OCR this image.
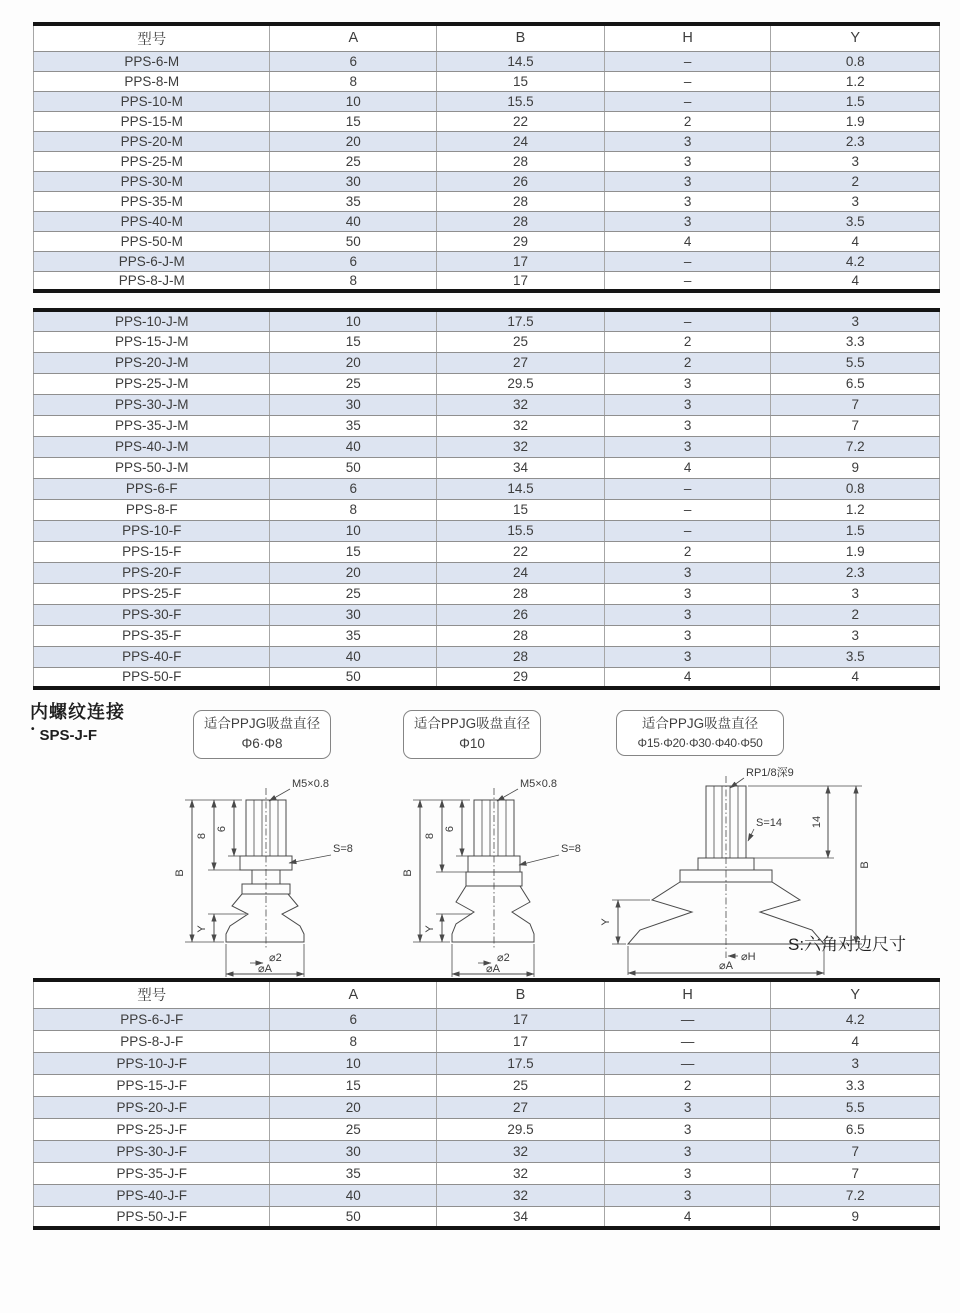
型号	A	B	H	Y
PPS-6-M	6	14.5	–	0.8
PPS-8-M	8	15	–	1.2
PPS-10-M	10	15.5	–	1.5
PPS-15-M	15	22	2	1.9
PPS-20-M	20	24	3	2.3
PPS-25-M	25	28	3	3
PPS-30-M	30	26	3	2
PPS-35-M	35	28	3	3
PPS-40-M	40	28	3	3.5
PPS-50-M	50	29	4	4
PPS-6-J-M	6	17	–	4.2
PPS-8-J-M	8	17	–	4
PPS-10-J-M	10	17.5	–	3
PPS-15-J-M	15	25	2	3.3
PPS-20-J-M	20	27	2	5.5
PPS-25-J-M	25	29.5	3	6.5
PPS-30-J-M	30	32	3	7
PPS-35-J-M	35	32	3	7
PPS-40-J-M	40	32	3	7.2
PPS-50-J-M	50	34	4	9
PPS-6-F	6	14.5	–	0.8
PPS-8-F	8	15	–	1.2
PPS-10-F	10	15.5	–	1.5
PPS-15-F	15	22	2	1.9
PPS-20-F	20	24	3	2.3
PPS-25-F	25	28	3	3
PPS-30-F	30	26	3	2
PPS-35-F	35	28	3	3
PPS-40-F	40	28	3	3.5
PPS-50-F	50	29	4	4
内螺纹连接
• SPS-J-F
适合PPJG吸盘直径
Φ6·Φ8
适合PPJG吸盘直径
Φ10
适合PPJG吸盘直径
Φ15·Φ20·Φ30·Φ40·Φ50
B
8
6
Y
M5×0.8
S=8
⌀2
⌀A
B
8
6
Y
M5×0.8
S=8
⌀2
⌀A
RP1/8深9
S=14	14
B
Y
⌀H
⌀A
S:六角对边尺寸
型号	A	B	H	Y
PPS-6-J-F	6	17	—	4.2
PPS-8-J-F	8	17	—	4
PPS-10-J-F	10	17.5	—	3
PPS-15-J-F	15	25	2	3.3
PPS-20-J-F	20	27	3	5.5
PPS-25-J-F	25	29.5	3	6.5
PPS-30-J-F	30	32	3	7
PPS-35-J-F	35	32	3	7
PPS-40-J-F	40	32	3	7.2
PPS-50-J-F	50	34	4	9
